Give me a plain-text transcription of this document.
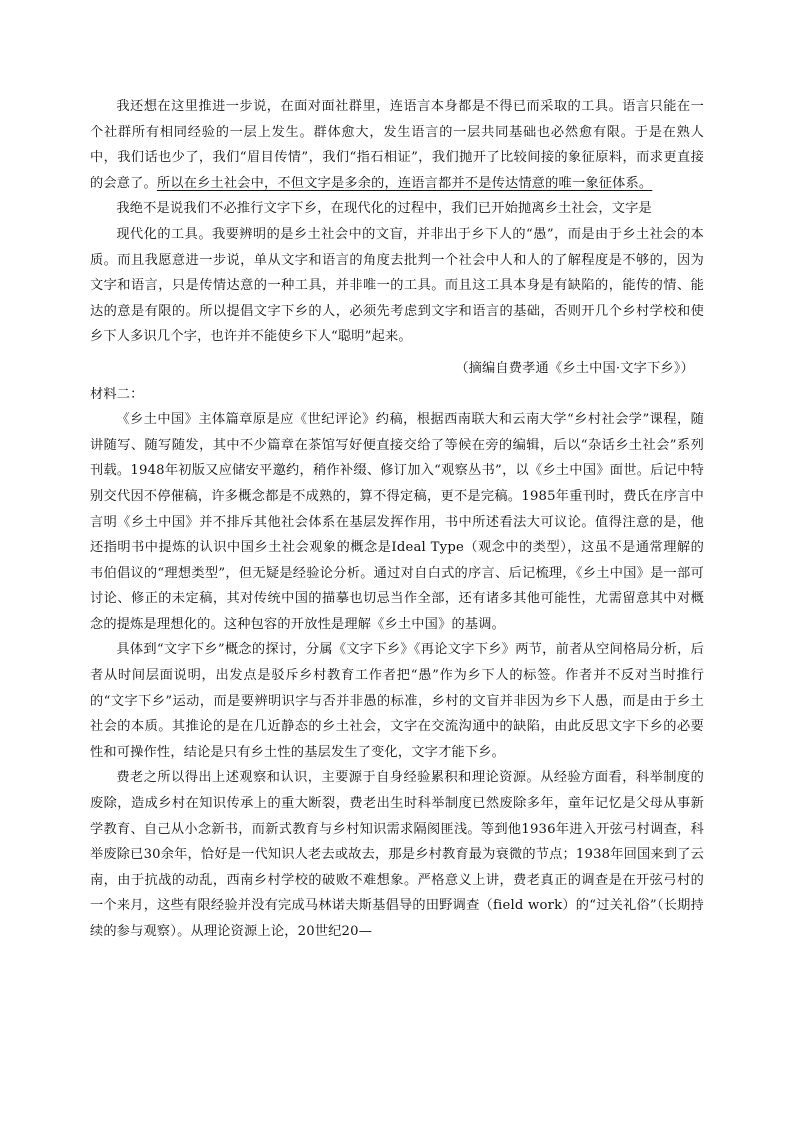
我还想在这里推进一步说，在面对面社群里，连语言本身都是不得已而采取的工具。语言只能在一个社群所有相同经验的一层上发生。群体愈大，发生语言的一层共同基础也必然愈有限。于是在熟人中，我们话也少了，我们“眉目传情”，我们“指石相证”，我们抛开了比较间接的象征原料，而求更直接的会意了。所以在乡土社会中，不但文字是多余的，连语言都并不是传达情意的唯一象征体系。

我绝不是说我们不必推行文字下乡，在现代化的过程中，我们已开始抛离乡土社会，文字是

现代化的工具。我要辨明的是乡土社会中的文盲，并非出于乡下人的“愚”，而是由于乡土社会的本质。而且我愿意进一步说，单从文字和语言的角度去批判一个社会中人和人的了解程度是不够的，因为文字和语言，只是传情达意的一种工具，并非唯一的工具。而且这工具本身是有缺陷的，能传的情、能达的意是有限的。所以提倡文字下乡的人，必须先考虑到文字和语言的基础，否则开几个乡村学校和使乡下人多识几个字，也许并不能使乡下人“聪明”起来。

（摘编自费孝通《乡土中国·文字下乡》）

材料二：

《乡土中国》主体篇章原是应《世纪评论》约稿，根据西南联大和云南大学“乡村社会学”课程，随讲随写、随写随发，其中不少篇章在茶馆写好便直接交给了等候在旁的编辑，后以“杂话乡土社会”系列刊载。1948年初版又应储安平邀约，稍作补缀、修订加入“观察丛书”，以《乡土中国》面世。后记中特别交代因不停催稿，许多概念都是不成熟的，算不得定稿，更不是完稿。1985年重刊时，费氏在序言中言明《乡土中国》并不排斥其他社会体系在基层发挥作用，书中所述看法大可议论。值得注意的是，他还指明书中提炼的认识中国乡土社会观象的概念是Ideal Type（观念中的类型），这虽不是通常理解的韦伯倡议的“理想类型”，但无疑是经验论分析。通过对自白式的序言、后记梳理，《乡土中国》是一部可讨论、修正的未定稿，其对传统中国的描摹也切忌当作全部，还有诸多其他可能性，尤需留意其中对概念的提炼是理想化的。这种包容的开放性是理解《乡土中国》的基调。

具体到“文字下乡”概念的探讨，分属《文字下乡》《再论文字下乡》两节，前者从空间格局分析，后者从时间层面说明，出发点是驳斥乡村教育工作者把“愚”作为乡下人的标签。作者并不反对当时推行的“文字下乡”运动，而是要辨明识字与否并非愚的标准，乡村的文盲并非因为乡下人愚，而是由于乡土社会的本质。其推论的是在几近静态的乡土社会，文字在交流沟通中的缺陷，由此反思文字下乡的必要性和可操作性，结论是只有乡土性的基层发生了变化，文字才能下乡。

费老之所以得出上述观察和认识，主要源于自身经验累积和理论资源。从经验方面看，科举制度的废除，造成乡村在知识传承上的重大断裂，费老出生时科举制度已然废除多年，童年记忆是父母从事新学教育、自己从小念新书，而新式教育与乡村知识需求隔阂匪浅。等到他1936年进入开弦弓村调查，科举废除已30余年，恰好是一代知识人老去或故去，那是乡村教育最为衰微的节点；1938年回国来到了云南，由于抗战的动乱，西南乡村学校的破败不难想象。严格意义上讲，费老真正的调查是在开弦弓村的一个来月，这些有限经验并没有完成马林诺夫斯基倡导的田野调查（field work）的“过关礼俗”（长期持续的参与观察）。从理论资源上论，20世纪20—
